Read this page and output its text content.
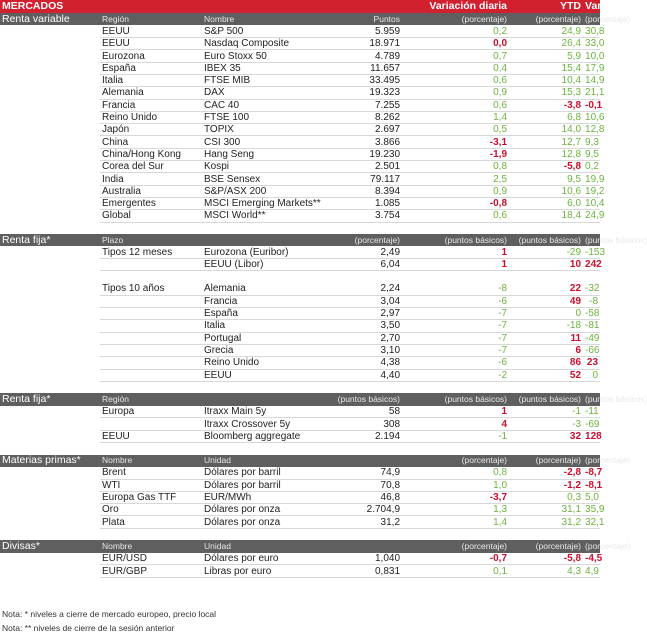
MERCADOS				Variación diaria	YTD	Var. 1 año
Renta variable	Región	Nombre	Puntos	(porcentaje)	(porcentaje)	(porcentaje)
	EEUU	S&P 500	5.959	0,2	24,9	30,8
	EEUU	Nasdaq Composite	18.971	0,0	26,4	33,0
	Eurozona	Euro Stoxx 50	4.789	0,7	5,9	10,0
	España	IBEX 35	11.657	0,4	15,4	17,9
	Italia	FTSE MIB	33.495	0,6	10,4	14,9
	Alemania	DAX	19.323	0,9	15,3	21,1
	Francia	CAC 40	7.255	0,6	-3,8	-0,1
	Reino Unido	FTSE 100	8.262	1,4	6,8	10,6
	Japón	TOPIX	2.697	0,5	14,0	12,8
	China	CSI 300	3.866	-3,1	12,7	9,3
	China/Hong Kong	Hang Seng	19.230	-1,9	12,8	9,5
	Corea del Sur	Kospi	2.501	0,8	-5,8	0,2
	India	BSE Sensex	79.117	2,5	9,5	19,9
	Australia	S&P/ASX 200	8.394	0,9	10,6	19,2
	Emergentes	MSCI Emerging Markets**	1.085	-0,8	6,0	10,4
	Global	MSCI World**	3.754	0,6	18,4	24,9

Renta fija*	Plazo		(porcentaje)	(puntos básicos)	(puntos básicos)	(puntos básicos)
	Tipos 12 meses	Eurozona (Euribor)	2,49	1	-29	-153
		EEUU (Libor)	6,04	1	10	242

	Tipos 10 años	Alemania	2,24	-8	22	-32
		Francia	3,04	-6	49	-8
		España	2,97	-7	0	-58
		Italia	3,50	-7	-18	-81
		Portugal	2,70	-7	11	-49
		Grecia	3,10	-7	6	-66
		Reino Unido	4,38	-6	86	23
		EEUU	4,40	-2	52	0

Renta fija*	Región		(puntos básicos)	(puntos básicos)	(puntos básicos)	(puntos básicos)
	Europa	Itraxx Main 5y	58	1	-1	-11
		Itraxx Crossover 5y	308	4	-3	-69
	EEUU	Bloomberg aggregate	2.194	-1	32	128

Materias primas*	Nombre	Unidad		(porcentaje)	(porcentaje)	(porcentaje)
	Brent	Dólares por barril	74,9	0,8	-2,8	-8,7
	WTI	Dólares por barril	70,8	1,0	-1,2	-8,1
	Europa Gas TTF	EUR/MWh	46,8	-3,7	0,3	5,0
	Oro	Dólares por onza	2.704,9	1,3	31,1	35,9
	Plata	Dólares por onza	31,2	1,4	31,2	32,1

Divisas*	Nombre	Unidad		(porcentaje)	(porcentaje)	(porcentaje)
	EUR/USD	Dólares por euro	1,040	-0,7	-5,8	-4,5
	EUR/GBP	Libras por euro	0,831	0,1	4,3	4,9
Nota: * niveles a cierre de mercado europeo, precio local
Nota: ** niveles de cierre de la sesión anterior
